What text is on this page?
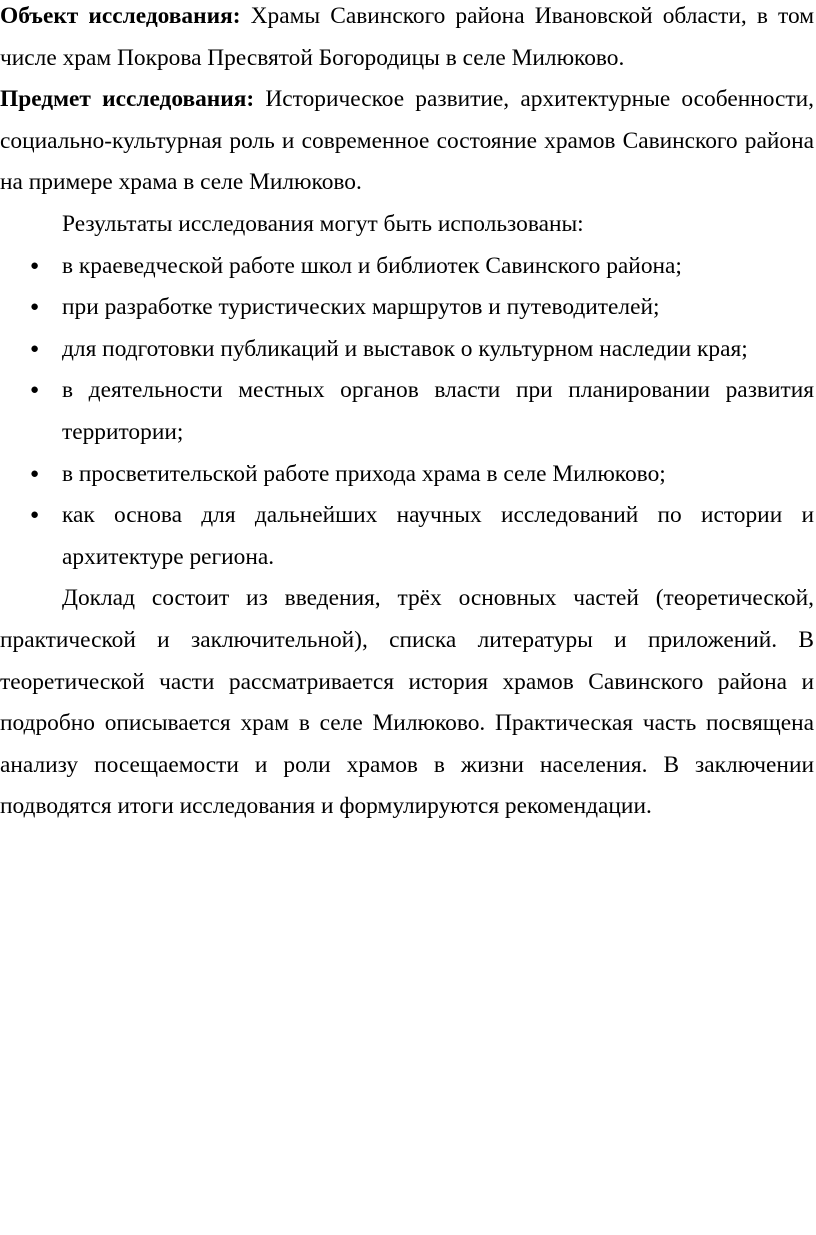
Объект исследования: Храмы Савинского района Ивановской области, в том числе храм Покрова Пресвятой Богородицы в селе Милюково.

Предмет исследования: Историческое развитие, архитектурные особенности, социально-культурная роль и современное состояние храмов Савинского района на примере храма в селе Милюково.

Результаты исследования могут быть использованы:

● в краеведческой работе школ и библиотек Савинского района;
● при разработке туристических маршрутов и путеводителей;
● для подготовки публикаций и выставок о культурном наследии края;
● в деятельности местных органов власти при планировании развития территории;
● в просветительской работе прихода храма в селе Милюково;
● как основа для дальнейших научных исследований по истории и архитектуре региона.

Доклад состоит из введения, трёх основных частей (теоретической, практической и заключительной), списка литературы и приложений. В теоретической части рассматривается история храмов Савинского района и подробно описывается храм в селе Милюково. Практическая часть посвящена анализу посещаемости и роли храмов в жизни населения. В заключении подводятся итоги исследования и формулируются рекомендации.
